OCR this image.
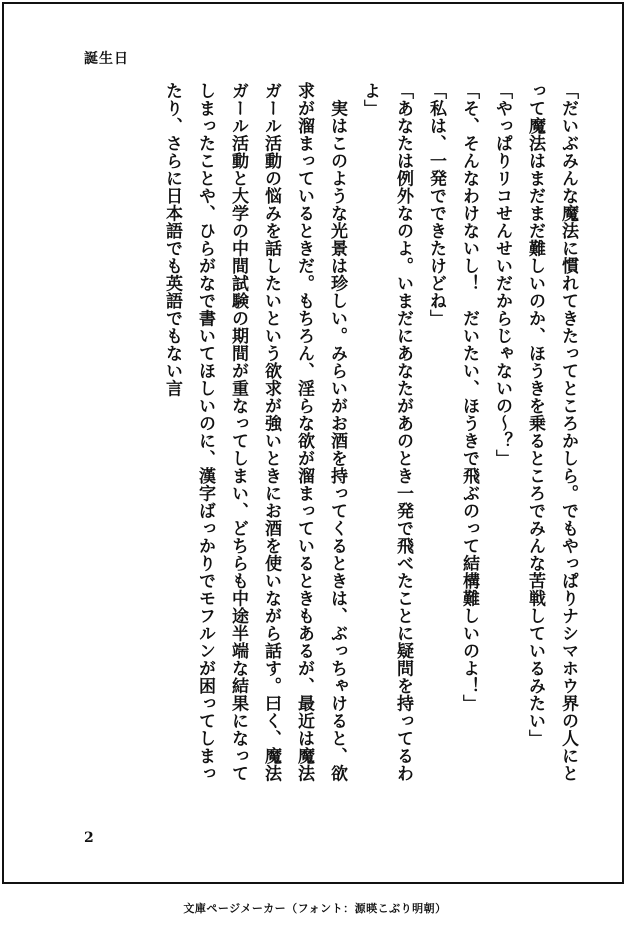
誕生日

「だいぶみんな魔法に慣れてきたってところかしら。でもやっぱりナシマホウ界の人にとって魔法はまだまだ難しいのか、ほうきを乗るところでみんな苦戦しているみたい」

「やっぱりリコせんせいだからじゃないの〜？」

「そ、そんなわけないし！　だいたい、ほうきで飛ぶのって結構難しいのよ！」

「私は、一発でできたけどね」

「あなたは例外なのよ。いまだにあなたがあのとき一発で飛べたことに疑問を持ってるわよ」

　実はこのような光景は珍しい。みらいがお酒を持ってくるときは、ぶっちゃけると、欲求が溜まっているときだ。もちろん、淫らな欲が溜まっているときもあるが、最近は魔法ガール活動の悩みを話したいという欲求が強いときにお酒を使いながら話す。曰く、魔法ガール活動と大学の中間試験の期間が重なってしまい、どちらも中途半端な結果になってしまったことや、ひらがなで書いてほしいのに、漢字ばっかりでモフルンが困ってしまったり、さらに日本語でも英語でもない言

2
文庫ページメーカー（フォント：源暎こぶり明朝）
